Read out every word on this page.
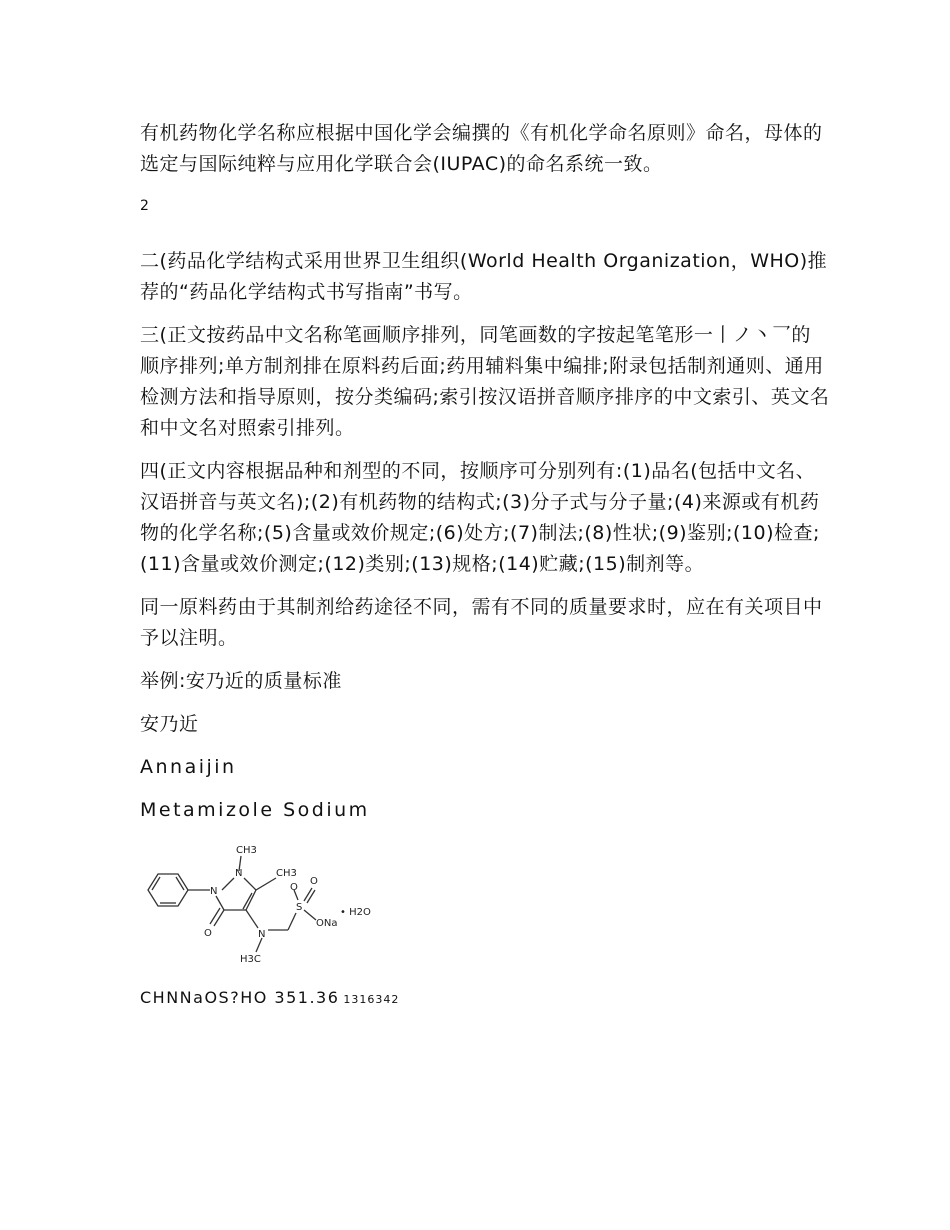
有机药物化学名称应根据中国化学会编撰的《有机化学命名原则》命名，母体的选定与国际纯粹与应用化学联合会(IUPAC)的命名系统一致。

2

二(药品化学结构式采用世界卫生组织(World Health Organization，WHO)推荐的“药品化学结构式书写指南”书写。

三(正文按药品中文名称笔画顺序排列，同笔画数的字按起笔笔形一丨ノ丶乛的顺序排列;单方制剂排在原料药后面;药用辅料集中编排;附录包括制剂通则、通用检测方法和指导原则，按分类编码;索引按汉语拼音顺序排序的中文索引、英文名和中文名对照索引排列。

四(正文内容根据品种和剂型的不同，按顺序可分别列有:(1)品名(包括中文名、汉语拼音与英文名);(2)有机药物的结构式;(3)分子式与分子量;(4)来源或有机药物的化学名称;(5)含量或效价规定;(6)处方;(7)制法;(8)性状;(9)鉴别;(10)检查;(11)含量或效价测定;(12)类别;(13)规格;(14)贮藏;(15)制剂等。

同一原料药由于其制剂给药途径不同，需有不同的质量要求时，应在有关项目中予以注明。

举例:安乃近的质量标准

安乃近

Annaijin

Metamizole Sodium

N
N
N
CH3
CH3
O
O
S
O
ONa
• H2O
H3C

CHNNaOS?HO 351.36 1316342
